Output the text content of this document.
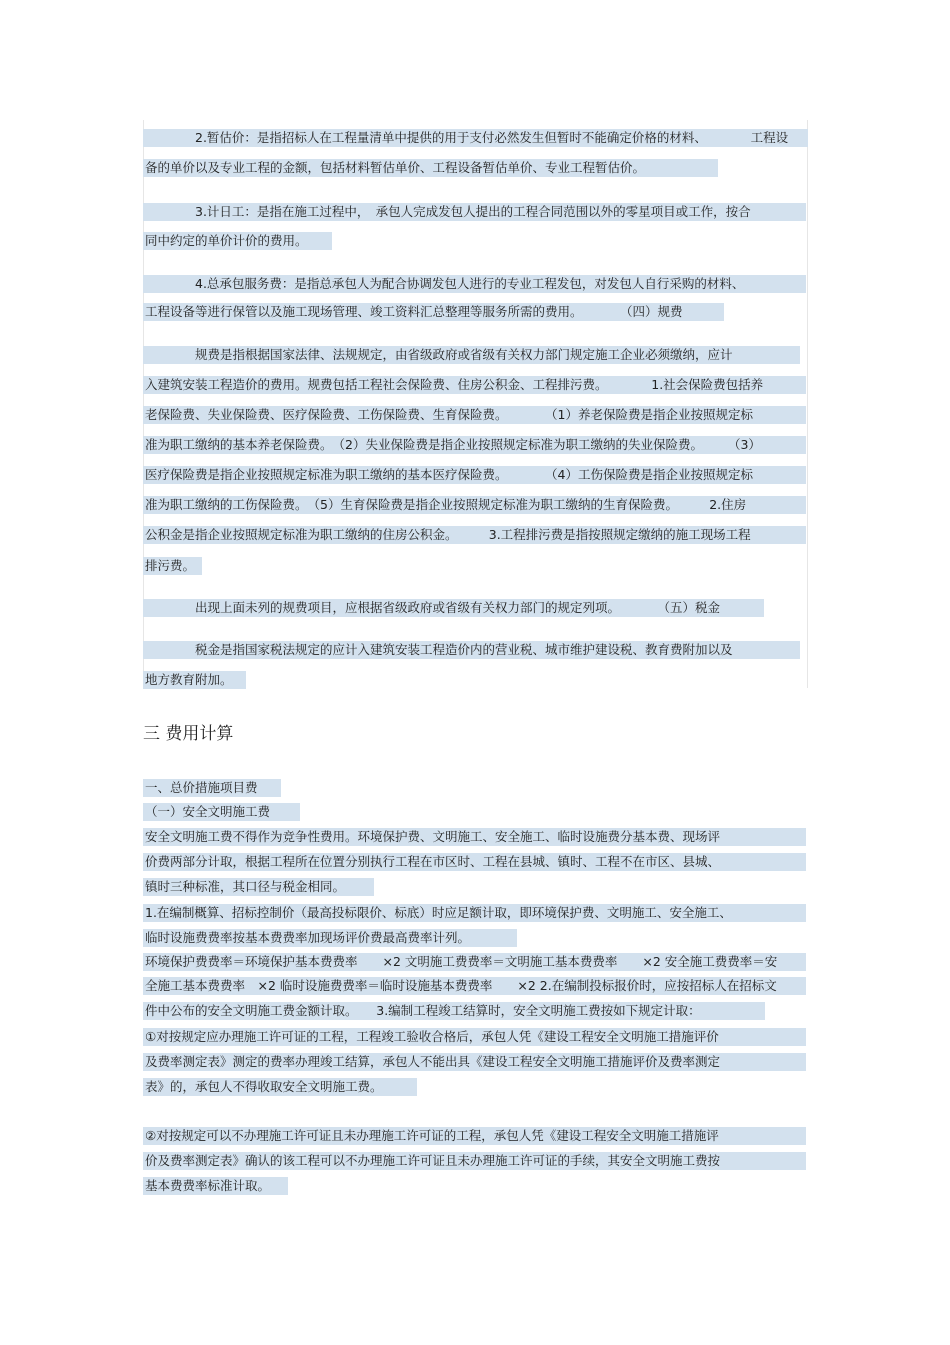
　　　　2.暂估价：是指招标人在工程量清单中提供的用于支付必然发生但暂时不能确定价格的材料、　　　　工程设
备的单价以及专业工程的金额，包括材料暂估单价、工程设备暂估单价、专业工程暂估价。
　　　　3.计日工：是指在施工过程中，　承包人完成发包人提出的工程合同范围以外的零星项目或工作，按合
同中约定的单价计价的费用。
　　　　4.总承包服务费：是指总承包人为配合协调发包人进行的专业工程发包，对发包人自行采购的材料、
工程设备等进行保管以及施工现场管理、竣工资料汇总整理等服务所需的费用。　　　　（四）规费
　　　　规费是指根据国家法律、法规规定，由省级政府或省级有关权力部门规定施工企业必须缴纳，应计
入建筑安装工程造价的费用。规费包括工程社会保险费、住房公积金、工程排污费。　　　　1.社会保险费包括养
老保险费、失业保险费、医疗保险费、工伤保险费、生育保险费。　　　　（1）养老保险费是指企业按照规定标
准为职工缴纳的基本养老保险费。　（2）失业保险费是指企业按照规定标准为职工缴纳的失业保险费。　　　（3）
医疗保险费是指企业按照规定标准为职工缴纳的基本医疗保险费。　　　　（4）工伤保险费是指企业按照规定标
准为职工缴纳的工伤保险费。　（5）生育保险费是指企业按照规定标准为职工缴纳的生育保险费。　　　2.住房
公积金是指企业按照规定标准为职工缴纳的住房公积金。　　　3.工程排污费是指按照规定缴纳的施工现场工程
排污费。
　　　　出现上面未列的规费项目，应根据省级政府或省级有关权力部门的规定列项。　　　　（五）税金
　　　　税金是指国家税法规定的应计入建筑安装工程造价内的营业税、城市维护建设税、教育费附加以及
地方教育附加。
三 费用计算
一、总价措施项目费
（一）安全文明施工费
安全文明施工费不得作为竞争性费用。环境保护费、文明施工、安全施工、临时设施费分基本费、现场评
价费两部分计取，根据工程所在位置分别执行工程在市区时、工程在县城、镇时、工程不在市区、县城、
镇时三种标准，其口径与税金相同。
1.在编制概算、招标控制价（最高投标限价、标底）时应足额计取，即环境保护费、文明施工、安全施工、
临时设施费费率按基本费费率加现场评价费最高费率计列。
环境保护费费率＝环境保护基本费费率　　×2 文明施工费费率＝文明施工基本费费率　　×2 安全施工费费率＝安
全施工基本费费率　×2 临时设施费费率＝临时设施基本费费率　　×2 2.在编制投标报价时，应按招标人在招标文
件中公布的安全文明施工费金额计取。　　3.编制工程竣工结算时，安全文明施工费按如下规定计取：
①对按规定应办理施工许可证的工程，工程竣工验收合格后，承包人凭《建设工程安全文明施工措施评价
及费率测定表》测定的费率办理竣工结算，承包人不能出具《建设工程安全文明施工措施评价及费率测定
表》的，承包人不得收取安全文明施工费。
②对按规定可以不办理施工许可证且未办理施工许可证的工程，承包人凭《建设工程安全文明施工措施评
价及费率测定表》确认的该工程可以不办理施工许可证且未办理施工许可证的手续，其安全文明施工费按
基本费费率标准计取。
